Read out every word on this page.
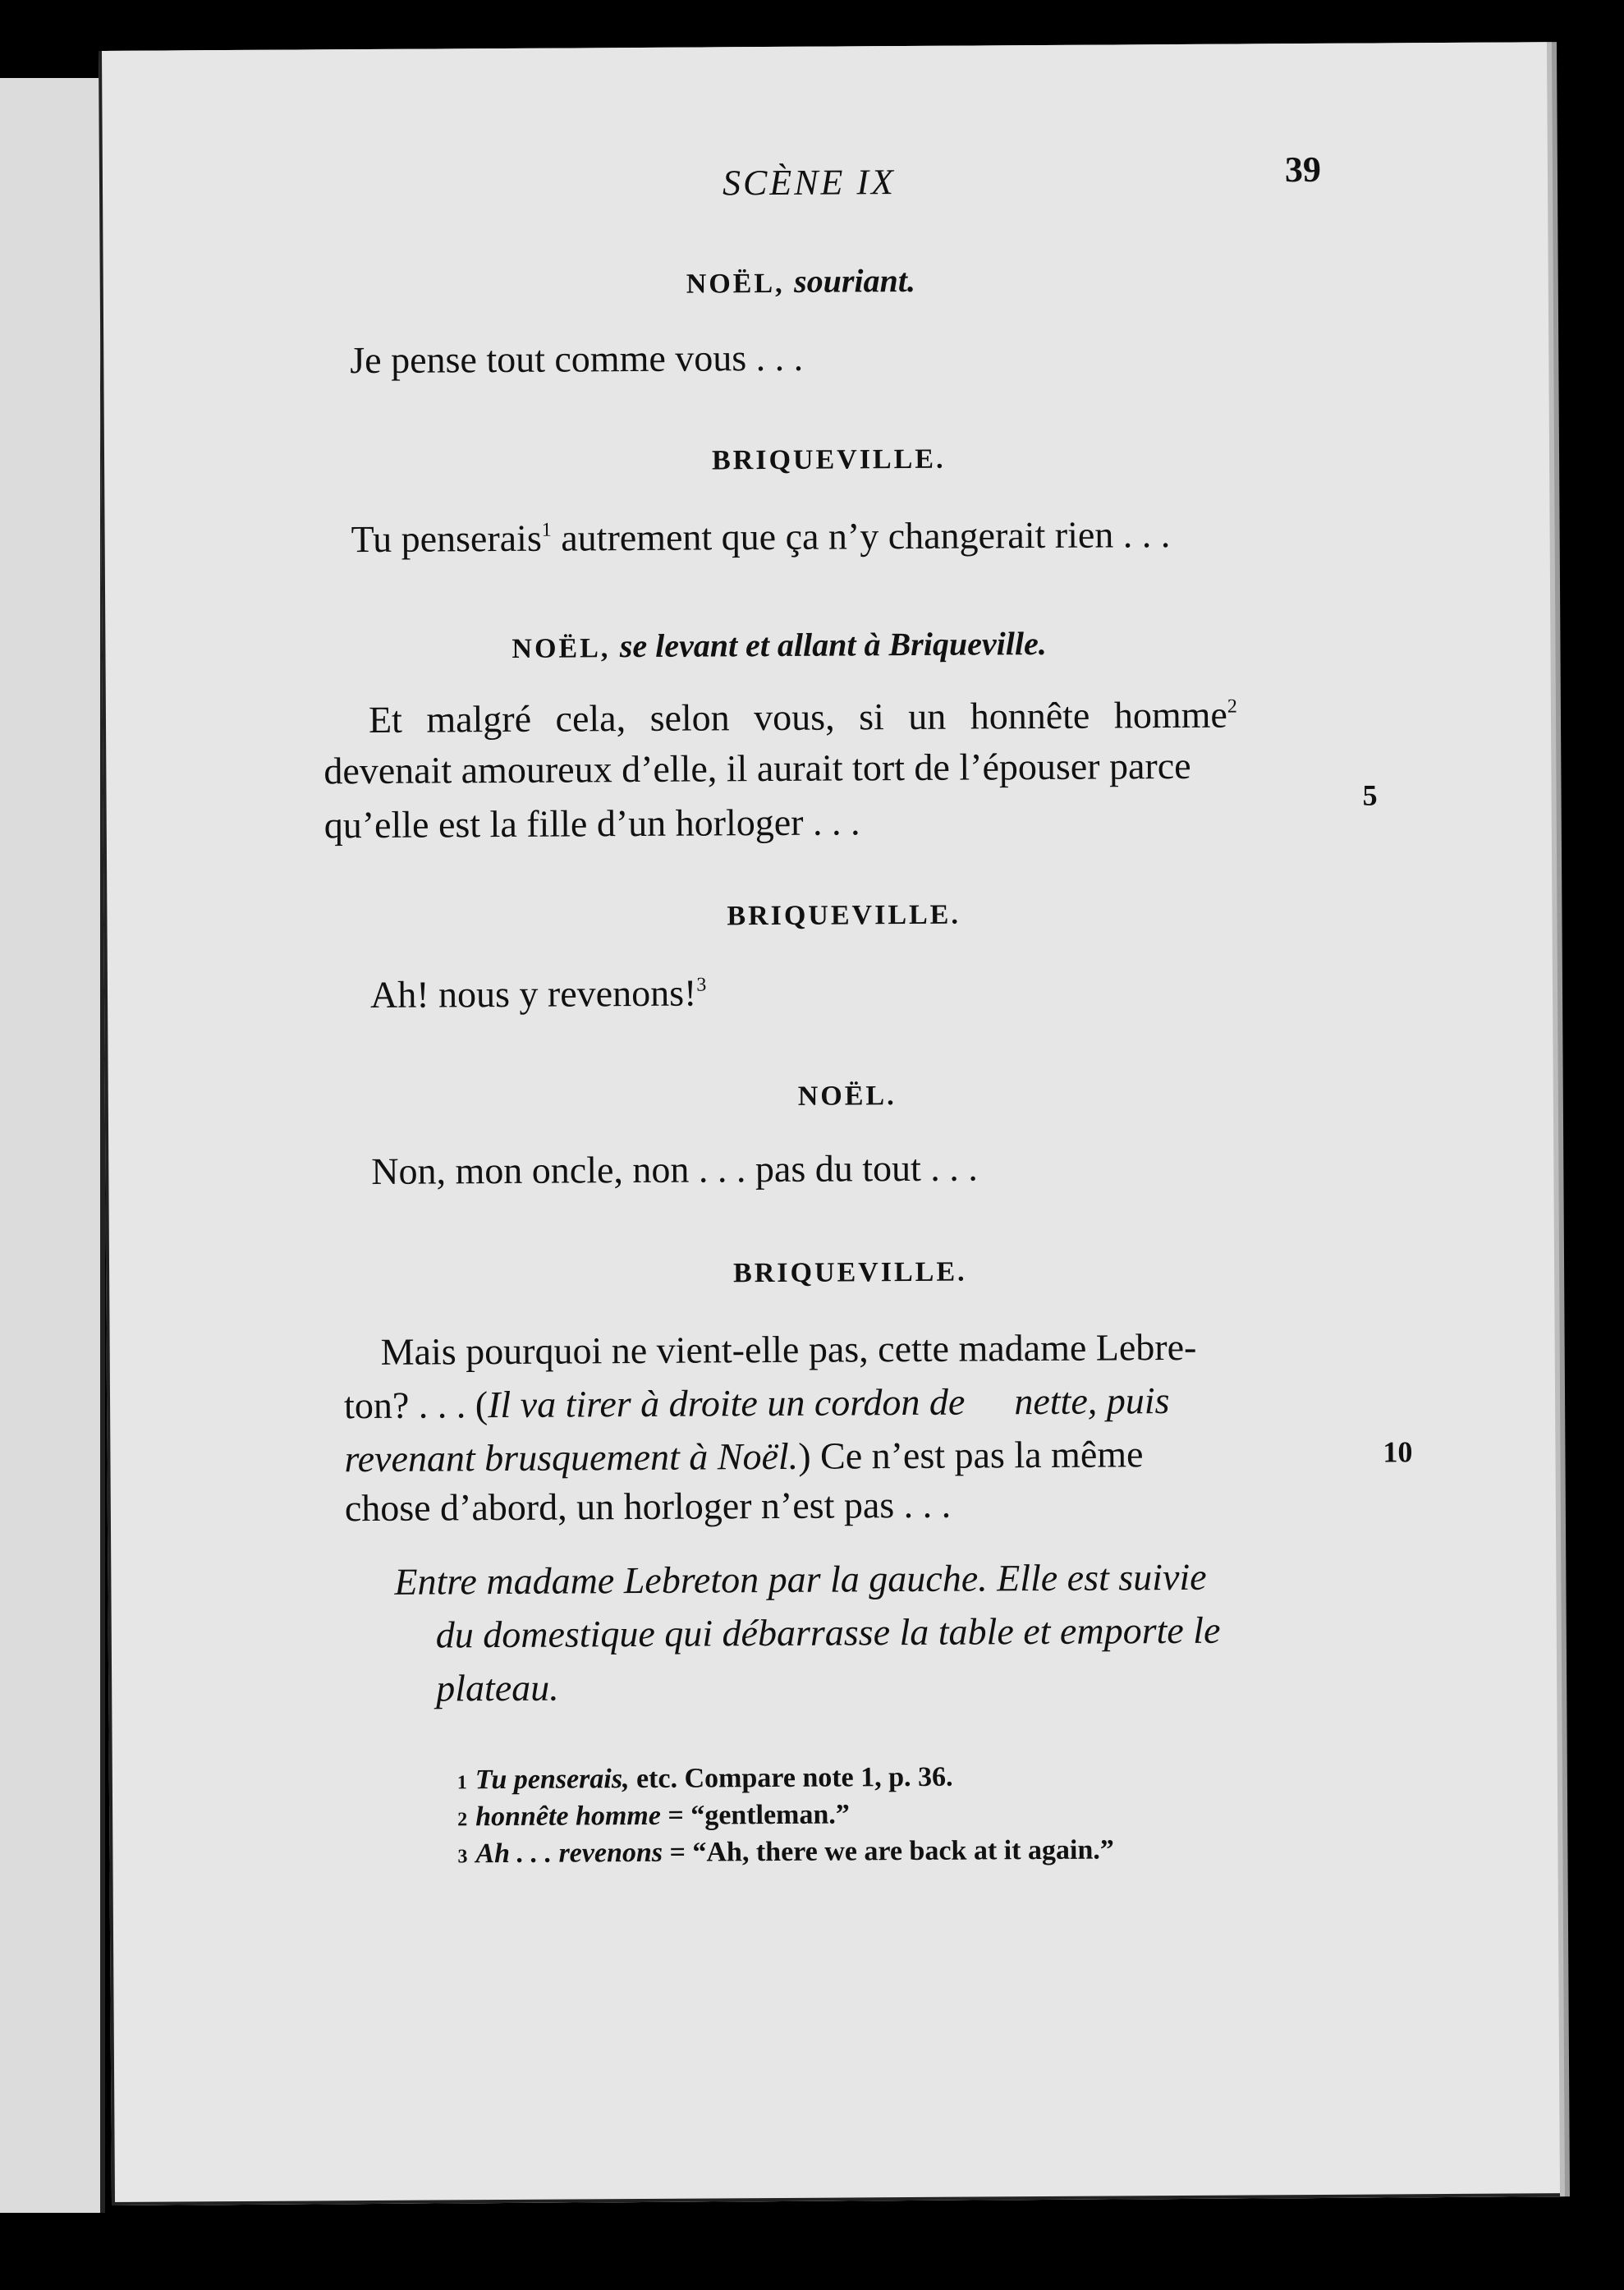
SCÈNE IX	39
NOËL, souriant.
Je pense tout comme vous . . .
BRIQUEVILLE.
Tu penserais$^1$ autrement que ça n’y changerait rien . . .
NOËL, se levant et allant à Briqueville.
Et malgré cela, selon vous, si un honnête homme$^2$
devenait amoureux d’elle, il aurait tort de l’épouser parce
qu’elle est la fille d’un horloger . . .
5
BRIQUEVILLE.
Ah! nous y revenons!$^3$
NOËL.
Non, mon oncle, non . . . pas du tout . . .
BRIQUEVILLE.
Mais pourquoi ne vient-elle pas, cette madame Lebre-
ton? . . . (Il va tirer à droite un cordon de nette, puis
revenant brusquement à Noël.) Ce n’est pas la même	10
chose d’abord, un horloger n’est pas . . .
Entre madame Lebreton par la gauche. Elle est suivie
du domestique qui débarrasse la table et emporte le
plateau.
1 Tu penserais, etc. Compare note 1, p. 36.
2 honnête homme = “gentleman.”
3 Ah . . . revenons = “Ah, there we are back at it again.”
